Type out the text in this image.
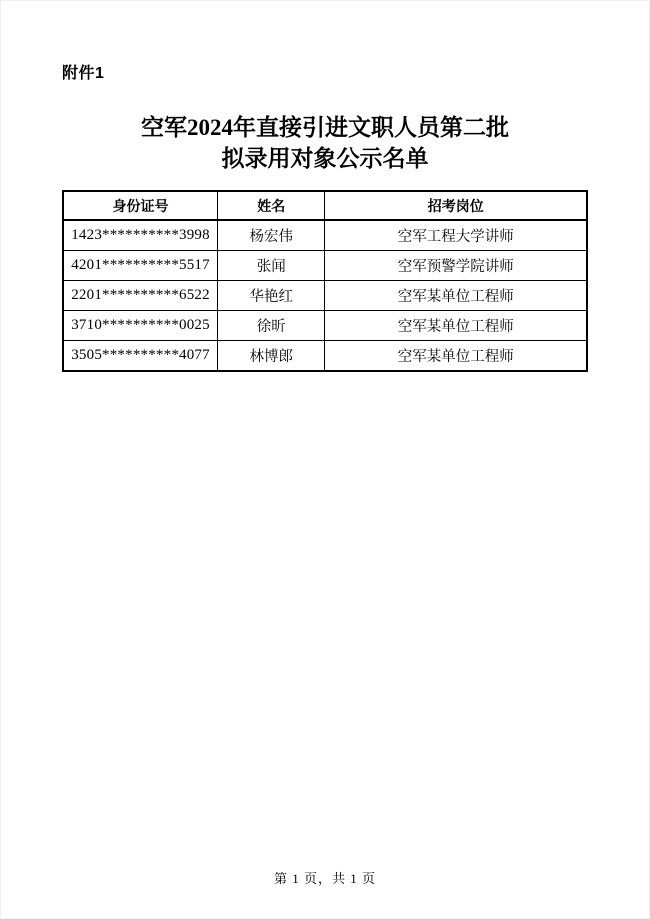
附件1
空军2024年直接引进文职人员第二批
拟录用对象公示名单
身份证号	姓名	招考岗位
1423**********3998	杨宏伟	空军工程大学讲师
4201**********5517	张闻	空军预警学院讲师
2201**********6522	华艳红	空军某单位工程师
3710**********0025	徐昕	空军某单位工程师
3505**********4077	林博郎	空军某单位工程师
第 1 页，共 1 页
